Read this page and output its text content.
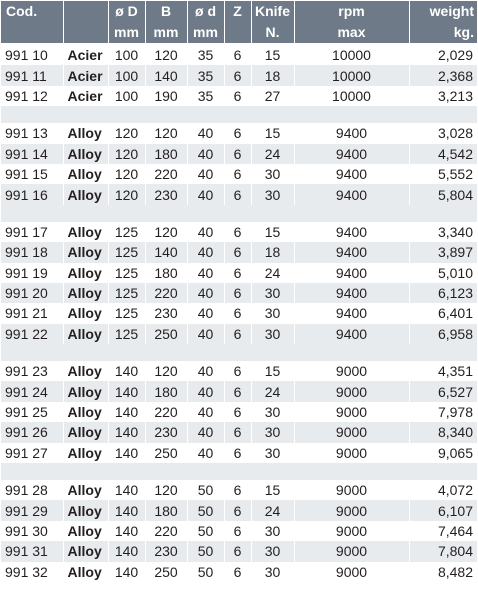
Cod.		ø D	B	ø d	Z	Knife	rpm	weight
		mm	mm	mm		N.	max	kg.
991 10	Acier	100	120	35	6	15	10000	2,029
991 11	Acier	100	140	35	6	18	10000	2,368
991 12	Acier	100	190	35	6	27	10000	3,213

991 13	Alloy	120	120	40	6	15	9400	3,028
991 14	Alloy	120	180	40	6	24	9400	4,542
991 15	Alloy	120	220	40	6	30	9400	5,552
991 16	Alloy	120	230	40	6	30	9400	5,804

991 17	Alloy	125	120	40	6	15	9400	3,340
991 18	Alloy	125	140	40	6	18	9400	3,897
991 19	Alloy	125	180	40	6	24	9400	5,010
991 20	Alloy	125	220	40	6	30	9400	6,123
991 21	Alloy	125	230	40	6	30	9400	6,401
991 22	Alloy	125	250	40	6	30	9400	6,958

991 23	Alloy	140	120	40	6	15	9000	4,351
991 24	Alloy	140	180	40	6	24	9000	6,527
991 25	Alloy	140	220	40	6	30	9000	7,978
991 26	Alloy	140	230	40	6	30	9000	8,340
991 27	Alloy	140	250	40	6	30	9000	9,065

991 28	Alloy	140	120	50	6	15	9000	4,072
991 29	Alloy	140	180	50	6	24	9000	6,107
991 30	Alloy	140	220	50	6	30	9000	7,464
991 31	Alloy	140	230	50	6	30	9000	7,804
991 32	Alloy	140	250	50	6	30	9000	8,482
